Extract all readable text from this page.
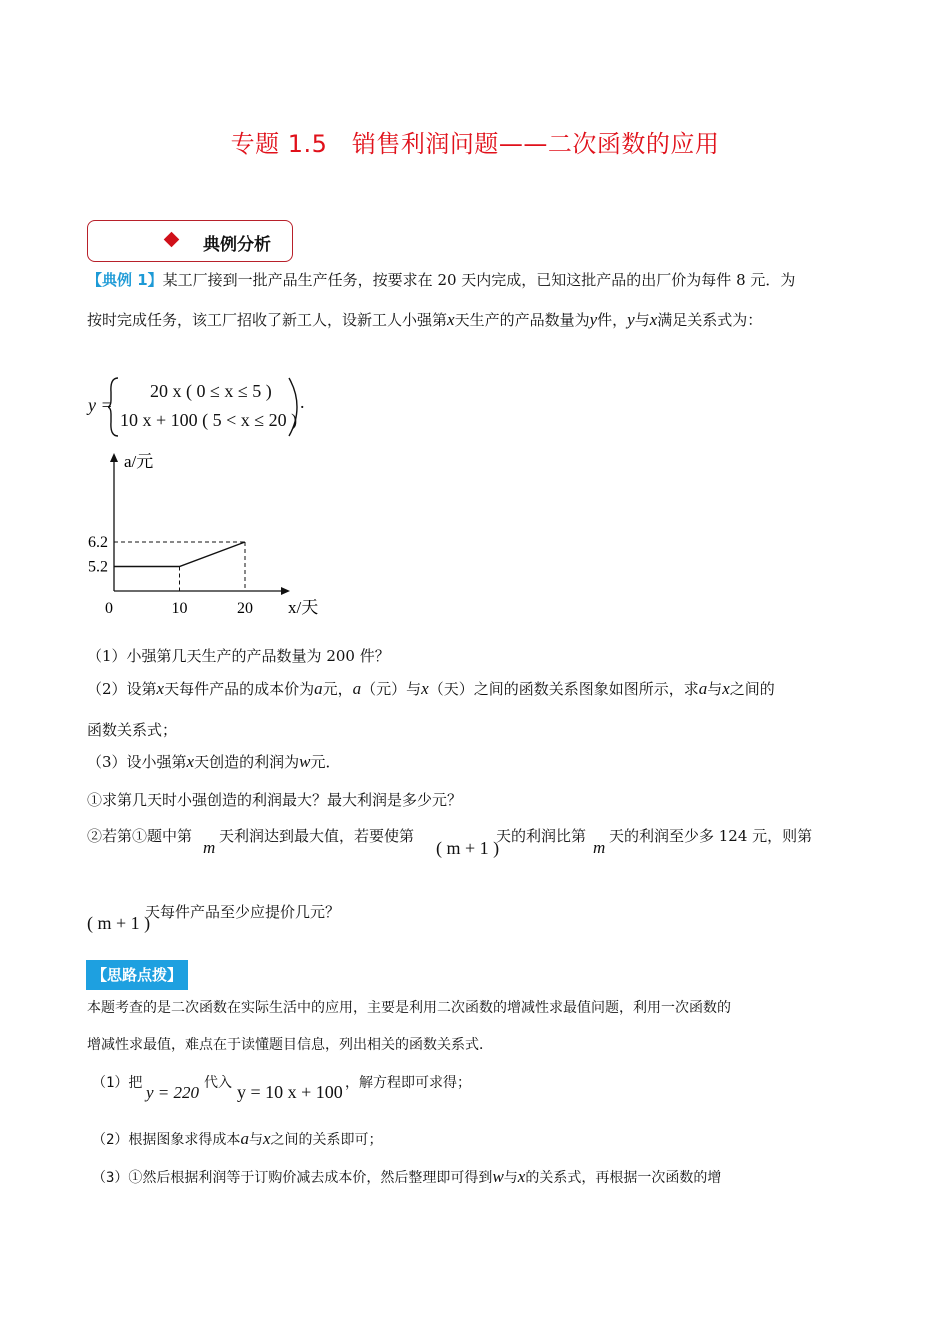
专题 1.5　销售利润问题——二次函数的应用
典例分析
【典例 1】某工厂接到一批产品生产任务，按要求在 20 天内完成，已知这批产品的出厂价为每件 8 元．为
按时完成任务，该工厂招收了新工人，设新工人小强第x天生产的产品数量为y件，y与x满足关系式为：
y =
20 x ( 0 ≤ x ≤ 5 )
10 x + 100 ( 5 < x ≤ 20 )
.
a/元
x/天
0	10	20
5.2
6.2
（1）小强第几天生产的产品数量为 200 件？
（2）设第x天每件产品的成本价为a元，a（元）与x（天）之间的函数关系图象如图所示，求a与x之间的
函数关系式；
（3）设小强第x天创造的利润为w元．
①求第几天时小强创造的利润最大？最大利润是多少元？
②若第①题中第
m
天利润达到最大值，若要使第
( m + 1 )
天的利润比第
m
天的利润至少多 124 元，则第
( m + 1 )
天每件产品至少应提价几元？
【思路点拨】
本题考查的是二次函数在实际生活中的应用，主要是利用二次函数的增减性求最值问题，利用一次函数的
增减性求最值，难点在于读懂题目信息，列出相关的函数关系式．
（1）把 y = 220 代入 y = 10 x + 100 ，解方程即可求得；
（2）根据图象求得成本a与x之间的关系即可；
（3）①然后根据利润等于订购价减去成本价，然后整理即可得到w与x的关系式，再根据一次函数的增
